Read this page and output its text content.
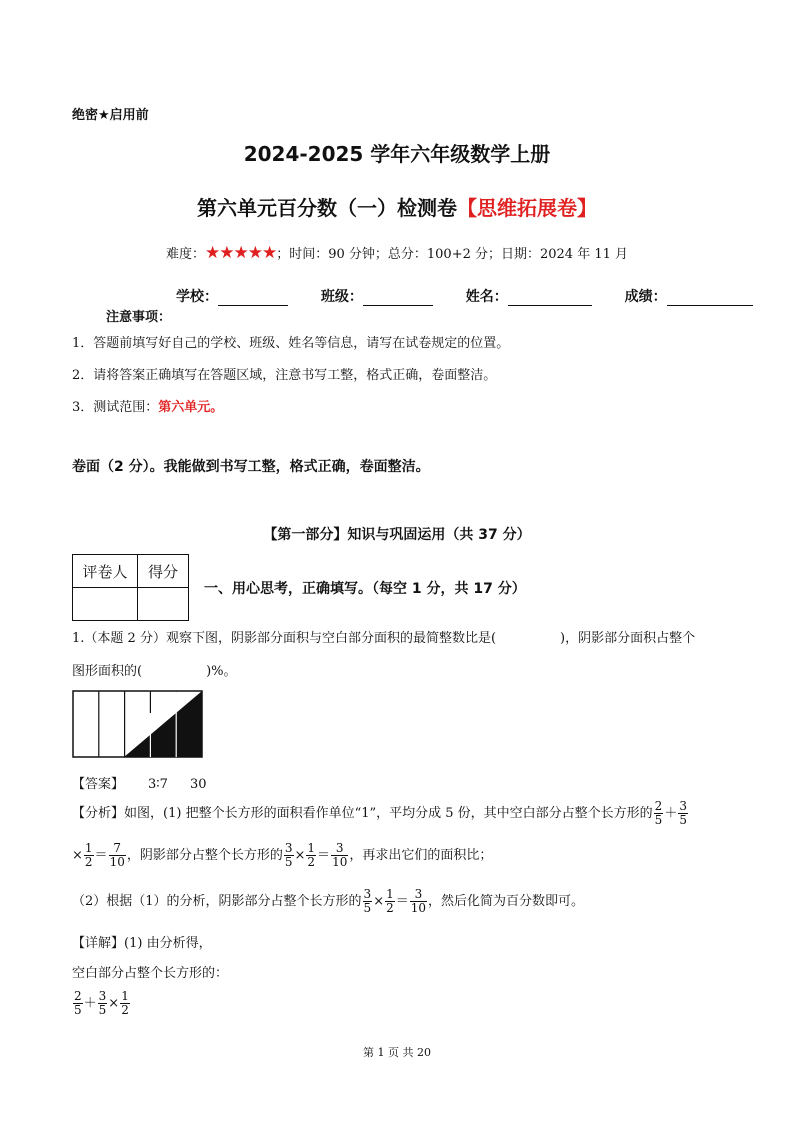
绝密★启用前
2024-2025 学年六年级数学上册
第六单元百分数（一）检测卷【思维拓展卷】
难度：★★★★★；时间：90 分钟；总分：100+2 分；日期：2024 年 11 月
学校：	班级：	姓名：	成绩：
注意事项：
1．答题前填写好自己的学校、班级、姓名等信息，请写在试卷规定的位置。
2．请将答案正确填写在答题区域，注意书写工整，格式正确，卷面整洁。
3．测试范围：第六单元。
卷面（2 分）。我能做到书写工整，格式正确，卷面整洁。
【第一部分】知识与巩固运用（共 37 分）
评卷人	得分

一、用心思考，正确填写。（每空 1 分，共 17 分）
1.（本题 2 分）观察下图，阴影部分面积与空白部分面积的最简整数比是(	)，阴影部分面积占整个
图形面积的(	)%。
【答案】 3∶7 30
【分析】如图，(1) 把整个长方形的面积看作单位“1”，平均分成 5 份，其中空白部分占整个长方形的 $\frac{2}{5} + \frac{3}{5}$
× $\frac{1}{2} = \frac{7}{10}$ ，阴影部分占整个长方形的 $\frac{3}{5} \times \frac{1}{2} = \frac{3}{10}$ ，再求出它们的面积比；
（2）根据（1）的分析，阴影部分占整个长方形的 $\frac{3}{5} \times \frac{1}{2} = \frac{3}{10}$ ，然后化简为百分数即可。
【详解】(1) 由分析得，
空白部分占整个长方形的：
$\frac{2}{5} + \frac{3}{5} \times \frac{1}{2}$
第 1 页 共 20
